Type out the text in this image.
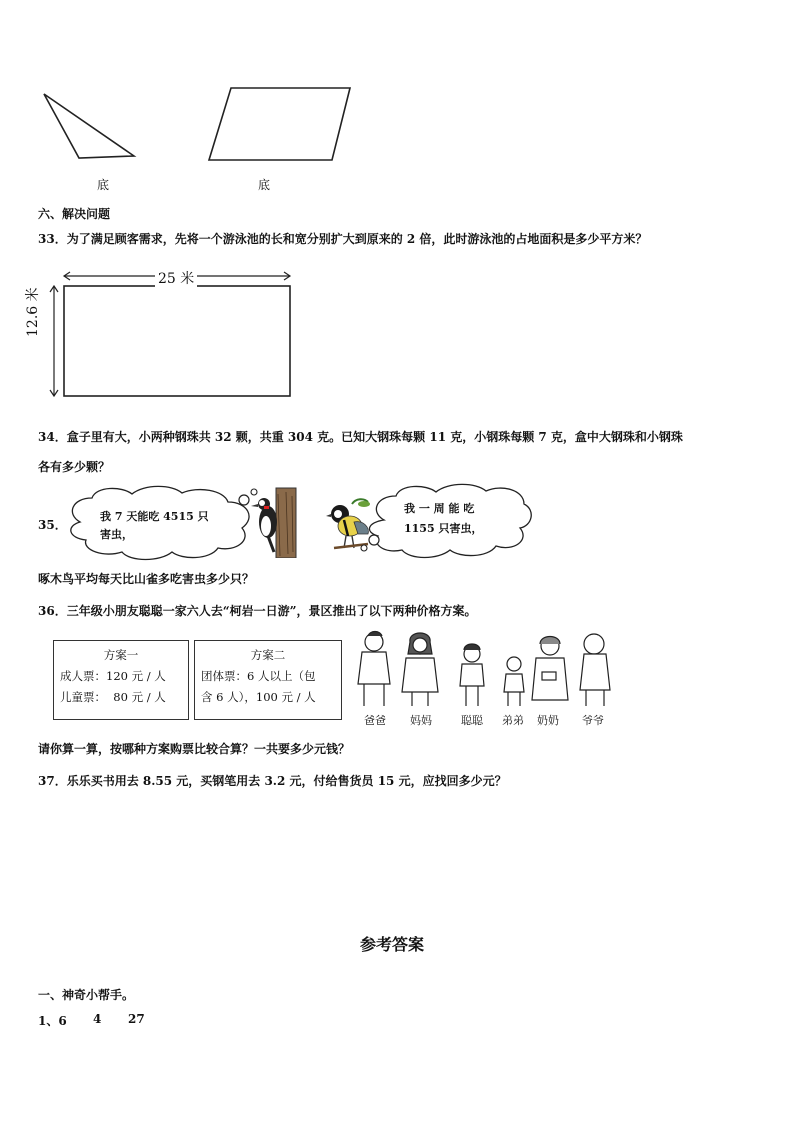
底	底
六、解决问题
33．为了满足顾客需求，先将一个游泳池的长和宽分别扩大到原来的 2 倍，此时游泳池的占地面积是多少平方米？
25 米
12.6 米
34．盒子里有大，小两种钢珠共 32 颗，共重 304 克。已知大钢珠每颗 11 克，小钢珠每颗 7 克，盒中大钢珠和小钢珠
各有多少颗？
35．
我 7 天能吃 4515 只
害虫，
我 一 周 能 吃
1155 只害虫，
啄木鸟平均每天比山雀多吃害虫多少只？
36．三年级小朋友聪聪一家六人去“柯岩一日游”，景区推出了以下两种价格方案。
方案一
成人票：120 元 / 人
儿童票：  80 元 / 人
方案二
团体票：6 人以上（包
含 6 人），100 元 / 人
爸爸 妈妈	聪聪 弟弟 奶奶 爷爷
请你算一算，按哪种方案购票比较合算？一共要多少元钱？
37．乐乐买书用去 8.55 元，买钢笔用去 3.2 元，付给售货员 15 元，应找回多少元？
参考答案
一、神奇小帮手。
1、6 4 27
